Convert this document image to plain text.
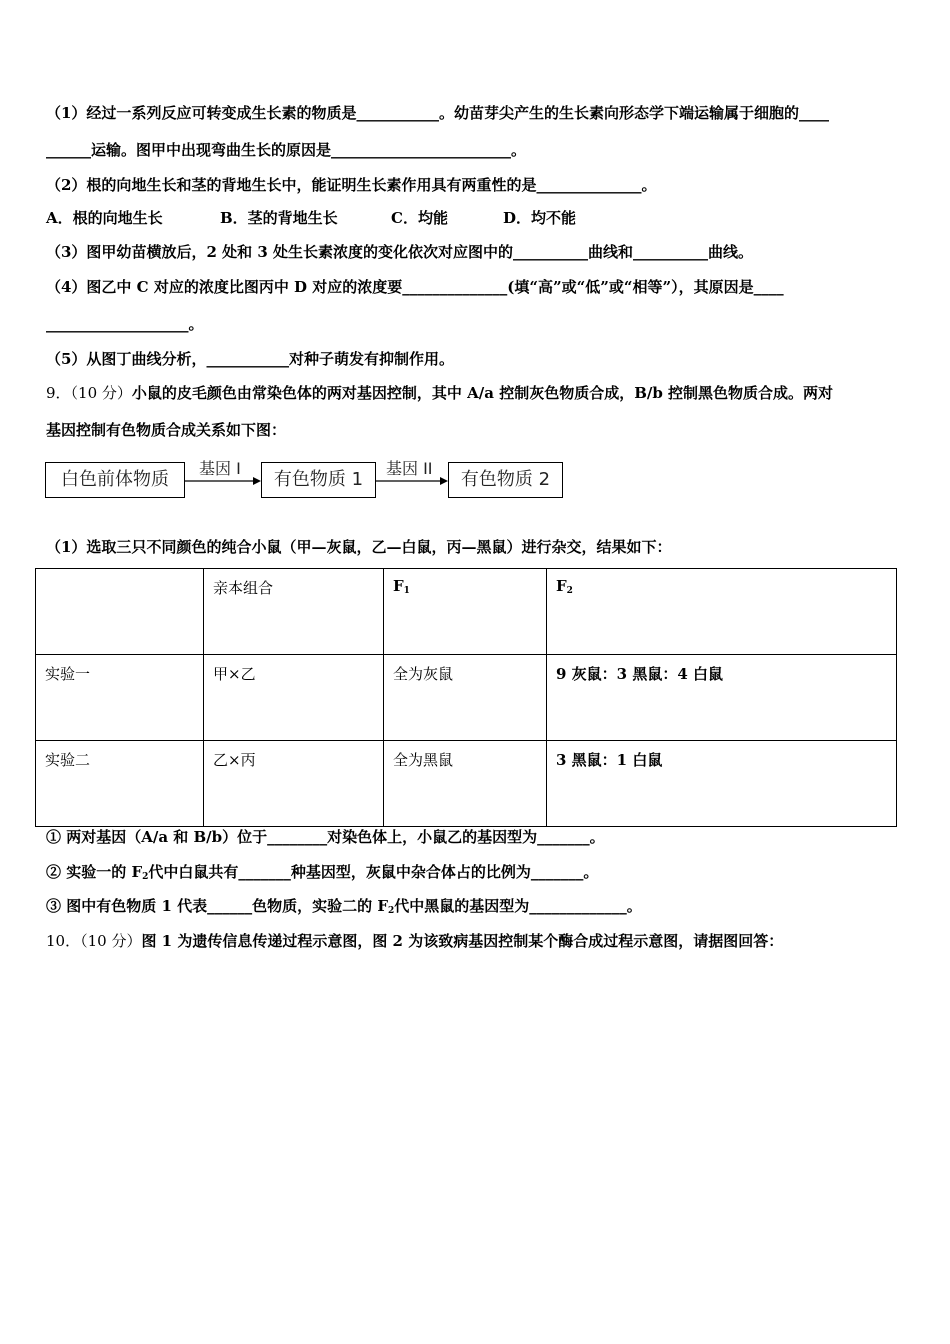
（1）经过一系列反应可转变成生长素的物质是___________。幼苗芽尖产生的生长素向形态学下端运输属于细胞的____
______运输。图甲中出现弯曲生长的原因是________________________。
（2）根的向地生长和茎的背地生长中，能证明生长素作用具有两重性的是______________。
A．根的向地生长	B．茎的背地生长	C．均能	D．均不能
（3）图甲幼苗横放后，2 处和 3 处生长素浓度的变化依次对应图中的__________曲线和__________曲线。
（4）图乙中 C 对应的浓度比图丙中 D 对应的浓度要______________(填“高”或“低”或“相等”），其原因是____
___________________。
（5）从图丁曲线分析，___________对种子萌发有抑制作用。
9．（10 分）小鼠的皮毛颜色由常染色体的两对基因控制，其中 A/a 控制灰色物质合成，B/b 控制黑色物质合成。两对
基因控制有色物质合成关系如下图：
白色前体物质
基因 I
有色物质 1
基因 II
有色物质 2
（1）选取三只不同颜色的纯合小鼠（甲—灰鼠，乙—白鼠，丙—黑鼠）进行杂交，结果如下：
	亲本组合	$F_1$	$F_2$
实验一	甲×乙	全为灰鼠	9 灰鼠：3 黑鼠：4 白鼠
实验二	乙×丙	全为黑鼠	3 黑鼠：1 白鼠
① 两对基因（A/a 和 B/b）位于________对染色体上，小鼠乙的基因型为_______。
② 实验一的 $F_2$代中白鼠共有_______种基因型，灰鼠中杂合体占的比例为_______。
③ 图中有色物质 1 代表______色物质，实验二的 $F_2$代中黑鼠的基因型为_____________。
10．（10 分）图 1 为遗传信息传递过程示意图，图 2 为该致病基因控制某个酶合成过程示意图，请据图回答：
